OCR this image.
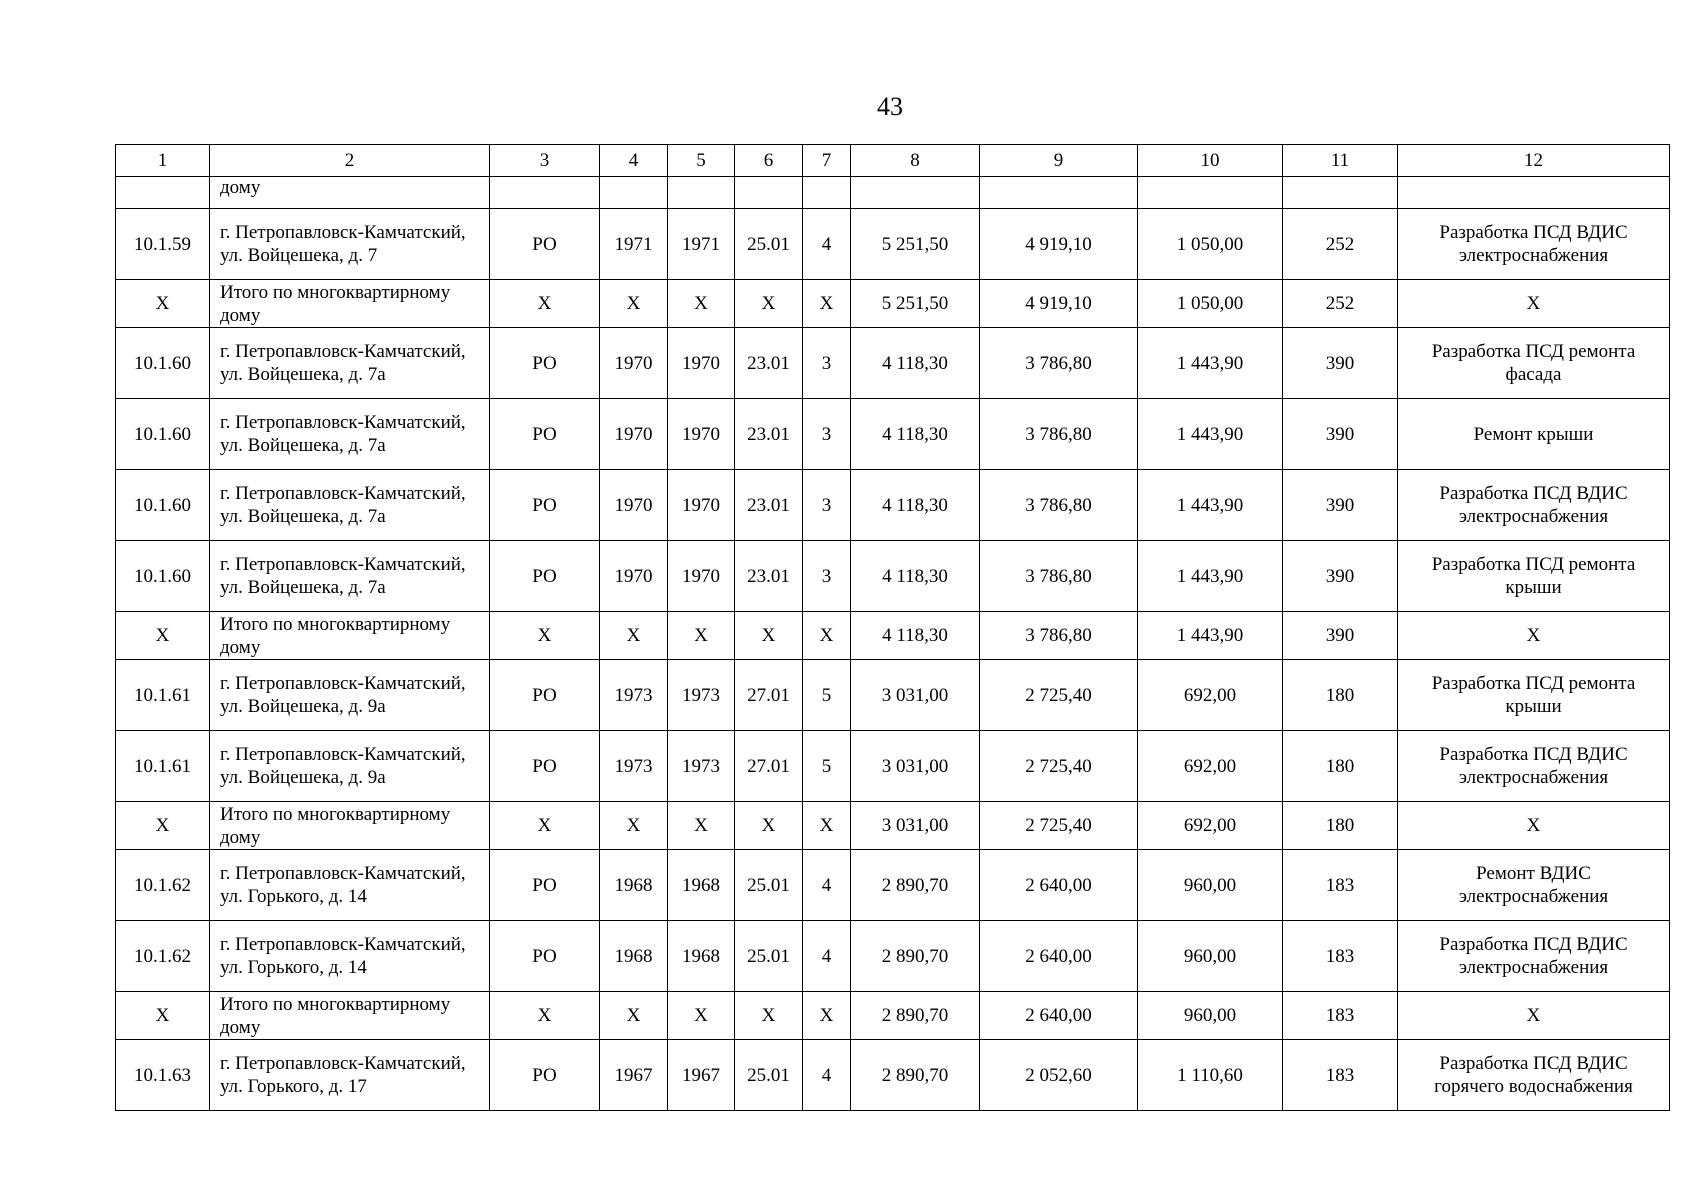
43
1	2	3	4	5	6	7	8	9	10	11	12
	дому										
10.1.59	г. Петропавловск-Камчатский, ул. Войцешека, д. 7	РО	1971	1971	25.01	4	5 251,50	4 919,10	1 050,00	252	Разработка ПСД ВДИС электроснабжения
Х	Итого по многоквартирному дому	Х	Х	Х	Х	Х	5 251,50	4 919,10	1 050,00	252	Х
10.1.60	г. Петропавловск-Камчатский, ул. Войцешека, д. 7а	РО	1970	1970	23.01	3	4 118,30	3 786,80	1 443,90	390	Разработка ПСД ремонта фасада
10.1.60	г. Петропавловск-Камчатский, ул. Войцешека, д. 7а	РО	1970	1970	23.01	3	4 118,30	3 786,80	1 443,90	390	Ремонт крыши
10.1.60	г. Петропавловск-Камчатский, ул. Войцешека, д. 7а	РО	1970	1970	23.01	3	4 118,30	3 786,80	1 443,90	390	Разработка ПСД ВДИС электроснабжения
10.1.60	г. Петропавловск-Камчатский, ул. Войцешека, д. 7а	РО	1970	1970	23.01	3	4 118,30	3 786,80	1 443,90	390	Разработка ПСД ремонта крыши
Х	Итого по многоквартирному дому	Х	Х	Х	Х	Х	4 118,30	3 786,80	1 443,90	390	Х
10.1.61	г. Петропавловск-Камчатский, ул. Войцешека, д. 9а	РО	1973	1973	27.01	5	3 031,00	2 725,40	692,00	180	Разработка ПСД ремонта крыши
10.1.61	г. Петропавловск-Камчатский, ул. Войцешека, д. 9а	РО	1973	1973	27.01	5	3 031,00	2 725,40	692,00	180	Разработка ПСД ВДИС электроснабжения
Х	Итого по многоквартирному дому	Х	Х	Х	Х	Х	3 031,00	2 725,40	692,00	180	Х
10.1.62	г. Петропавловск-Камчатский, ул. Горького, д. 14	РО	1968	1968	25.01	4	2 890,70	2 640,00	960,00	183	Ремонт ВДИС электроснабжения
10.1.62	г. Петропавловск-Камчатский, ул. Горького, д. 14	РО	1968	1968	25.01	4	2 890,70	2 640,00	960,00	183	Разработка ПСД ВДИС электроснабжения
Х	Итого по многоквартирному дому	Х	Х	Х	Х	Х	2 890,70	2 640,00	960,00	183	Х
10.1.63	г. Петропавловск-Камчатский, ул. Горького, д. 17	РО	1967	1967	25.01	4	2 890,70	2 052,60	1 110,60	183	Разработка ПСД ВДИС горячего водоснабжения
